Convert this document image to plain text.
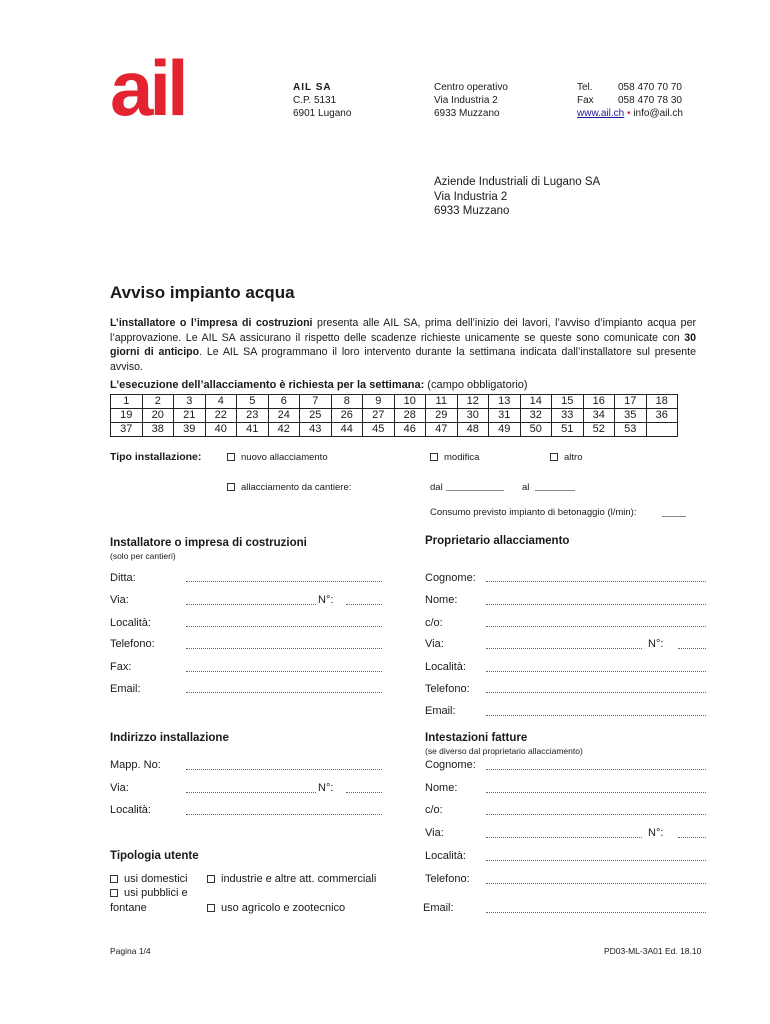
ail	AIL SA
C.P. 5131
6901 Lugano
Centro operativo
Via Industria 2
6933 Muzzano
Tel.	058 470 70 70
Fax 058 470 78 30
www.ail.ch • info@ail.ch
Aziende Industriali di Lugano SA
Via Industria 2
6933 Muzzano
Avviso impianto acqua
L’installatore o l’impresa di costruzioni presenta alle AIL SA, prima dell’inizio dei lavori, l’avviso d’impianto acqua per l’approvazione. Le AIL SA assicurano il rispetto delle scadenze richieste unicamente se queste sono comunicate con 30 giorni di anticipo. Le AIL SA programmano il loro intervento durante la settimana indicata dall’installatore sul presente avviso.
L’esecuzione dell’allacciamento è richiesta per la settimana: (campo obbligatorio)
1	2	3	4	5	6	7	8	9	10	11	12	13	14	15	16	17	18
19	20	21	22	23	24	25	26	27	28	29	30	31	32	33	34	35	36
37	38	39	40	41	42	43	44	45	46	47	48	49	50	51	52	53	
Tipo installazione:	nuovo allacciamento	modifica	altro
allacciamento da cantiere:	dal	al
Consumo previsto impianto di betonaggio (l/min):
Installatore o impresa di costruzioni
(solo per cantieri)
Ditta:
Via:	N°:
Località:
Telefono:
Fax:
Email:
Proprietario allacciamento
Cognome:
Nome:
c/o:
Via:	N°:
Località:
Telefono:
Email:
Indirizzo installazione
Mapp. No:
Via:	N°:
Località:
Intestazioni fatture
(se diverso dal proprietario allacciamento)
Cognome:
Nome:
c/o:
Via:	N°:
Località:
Telefono:
Email:
Tipologia utente
usi domestici
usi pubblici e
fontane
industrie e altre att. commerciali
uso agricolo e zootecnico
Pagina 1/4	PD03-ML-3A01 Ed. 18.10
